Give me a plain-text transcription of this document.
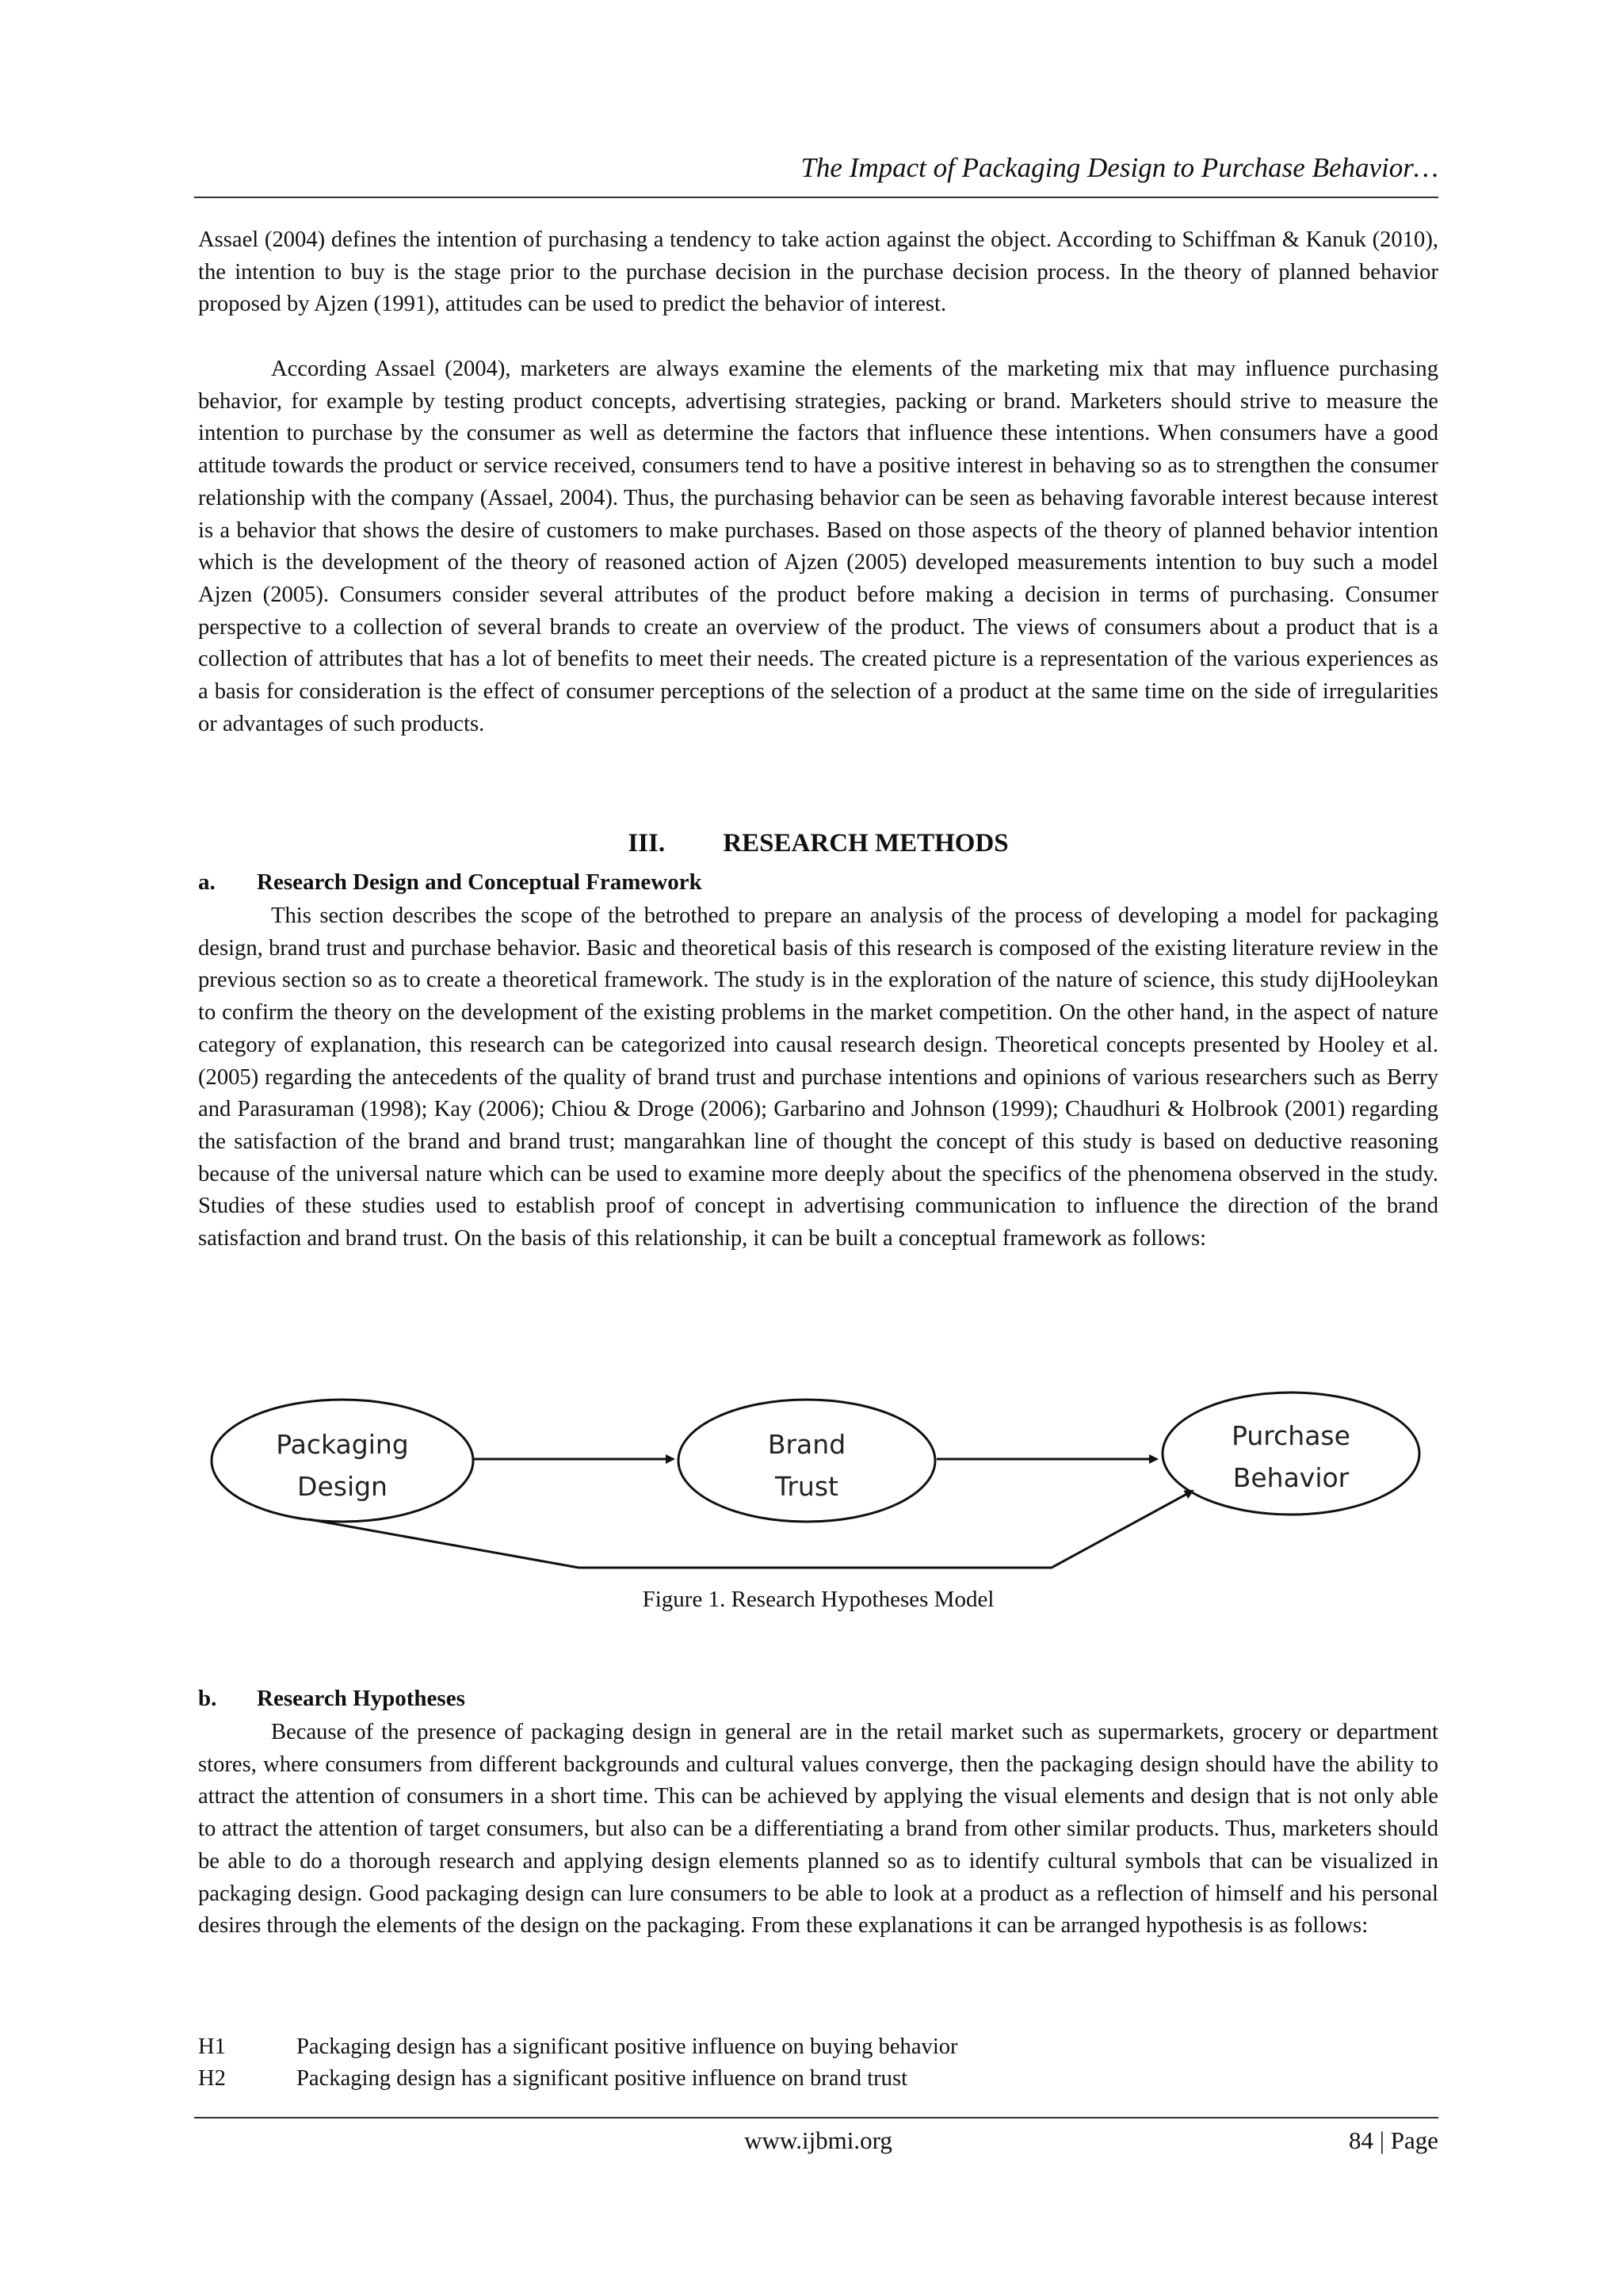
The Impact of Packaging Design to Purchase Behavior…

Assael (2004) defines the intention of purchasing a tendency to take action against the object. According to Schiffman & Kanuk (2010), the intention to buy is the stage prior to the purchase decision in the purchase decision process. In the theory of planned behavior proposed by Ajzen (1991), attitudes can be used to predict the behavior of interest.

According Assael (2004), marketers are always examine the elements of the marketing mix that may influence purchasing behavior, for example by testing product concepts, advertising strategies, packing or brand. Marketers should strive to measure the intention to purchase by the consumer as well as determine the factors that influence these intentions. When consumers have a good attitude towards the product or service received, consumers tend to have a positive interest in behaving so as to strengthen the consumer relationship with the company (Assael, 2004). Thus, the purchasing behavior can be seen as behaving favorable interest because interest is a behavior that shows the desire of customers to make purchases. Based on those aspects of the theory of planned behavior intention which is the development of the theory of reasoned action of Ajzen (2005) developed measurements intention to buy such a model Ajzen (2005). Consumers consider several attributes of the product before making a decision in terms of purchasing. Consumer perspective to a collection of several brands to create an overview of the product. The views of consumers about a product that is a collection of attributes that has a lot of benefits to meet their needs. The created picture is a representation of the various experiences as a basis for consideration is the effect of consumer perceptions of the selection of a product at the same time on the side of irregularities or advantages of such products.

III. RESEARCH METHODS
a. Research Design and Conceptual Framework

This section describes the scope of the betrothed to prepare an analysis of the process of developing a model for packaging design, brand trust and purchase behavior. Basic and theoretical basis of this research is composed of the existing literature review in the previous section so as to create a theoretical framework. The study is in the exploration of the nature of science, this study dijHooleykan to confirm the theory on the development of the existing problems in the market competition. On the other hand, in the aspect of nature category of explanation, this research can be categorized into causal research design. Theoretical concepts presented by Hooley et al. (2005) regarding the antecedents of the quality of brand trust and purchase intentions and opinions of various researchers such as Berry and Parasuraman (1998); Kay (2006); Chiou & Droge (2006); Garbarino and Johnson (1999); Chaudhuri & Holbrook (2001) regarding the satisfaction of the brand and brand trust; mangarahkan line of thought the concept of this study is based on deductive reasoning because of the universal nature which can be used to examine more deeply about the specifics of the phenomena observed in the study. Studies of these studies used to establish proof of concept in advertising communication to influence the direction of the brand satisfaction and brand trust. On the basis of this relationship, it can be built a conceptual framework as follows:

Packaging
Design
Brand
Trust
Purchase
Behavior
Figure 1. Research Hypotheses Model
b. Research Hypotheses

Because of the presence of packaging design in general are in the retail market such as supermarkets, grocery or department stores, where consumers from different backgrounds and cultural values converge, then the packaging design should have the ability to attract the attention of consumers in a short time. This can be achieved by applying the visual elements and design that is not only able to attract the attention of target consumers, but also can be a differentiating a brand from other similar products. Thus, marketers should be able to do a thorough research and applying design elements planned so as to identify cultural symbols that can be visualized in packaging design. Good packaging design can lure consumers to be able to look at a product as a reflection of himself and his personal desires through the elements of the design on the packaging. From these explanations it can be arranged hypothesis is as follows:

H1	Packaging design has a significant positive influence on buying behavior
H2	Packaging design has a significant positive influence on brand trust
www.ijbmi.org	84 | Page
